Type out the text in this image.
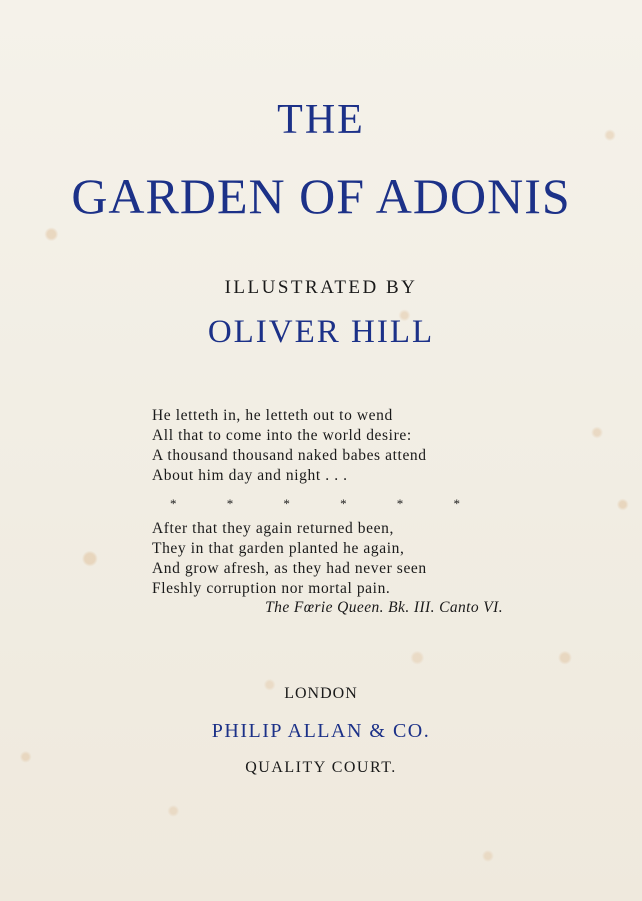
THE
GARDEN OF ADONIS
ILLUSTRATED BY
OLIVER HILL
He letteth in, he letteth out to wend
All that to come into the world desire:
A thousand thousand naked babes attend
About him day and night . . .
*	*	*	*	*	*
After that they again returned been,
They in that garden planted he again,
And grow afresh, as they had never seen
Fleshly corruption nor mortal pain.
The Fœrie Queen. Bk. III. Canto VI.
LONDON
PHILIP ALLAN & CO.
QUALITY COURT.
